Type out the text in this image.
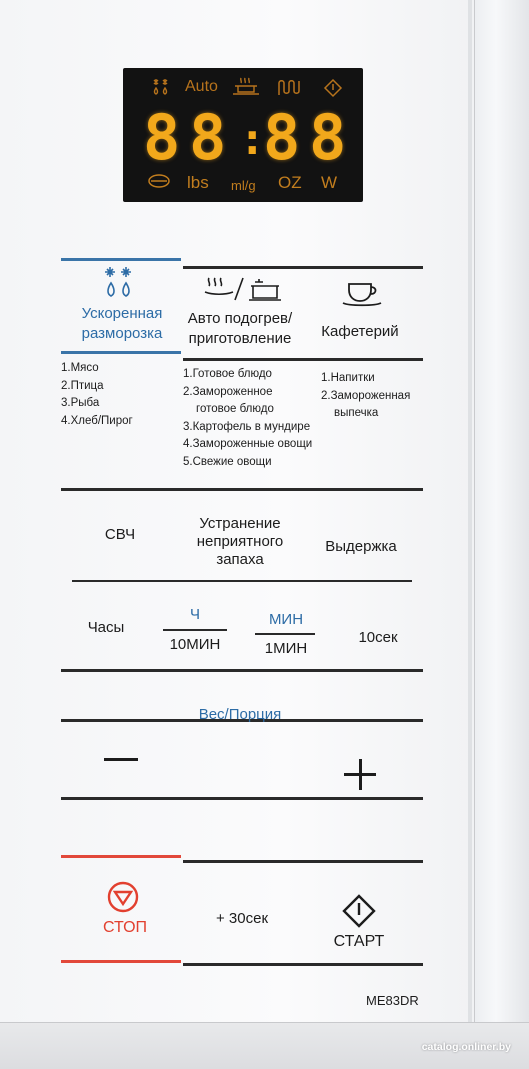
Auto
8 8 :
8 8
lbs ml/g OZ W
Ускоренная
разморозка
Авто подогрев/
приготовление	Кафетерий
1.Мясо
2.Птица
3.Рыба
4.Хлеб/Пирог
1.Готовое блюдо
2.Замороженное
готовое блюдо
3.Картофель в мундире
4.Замороженные овощи
5.Свежие овощи
1.Напитки
2.Замороженная
выпечка
СВЧ
Устранение
неприятного
запаха
Выдержка
Часы
Ч
10МИН
МИН
1МИН
10сек
Вес/Порция
СТОП
+ 30сек
СТАРТ
ME83DR
catalog.onliner.by
